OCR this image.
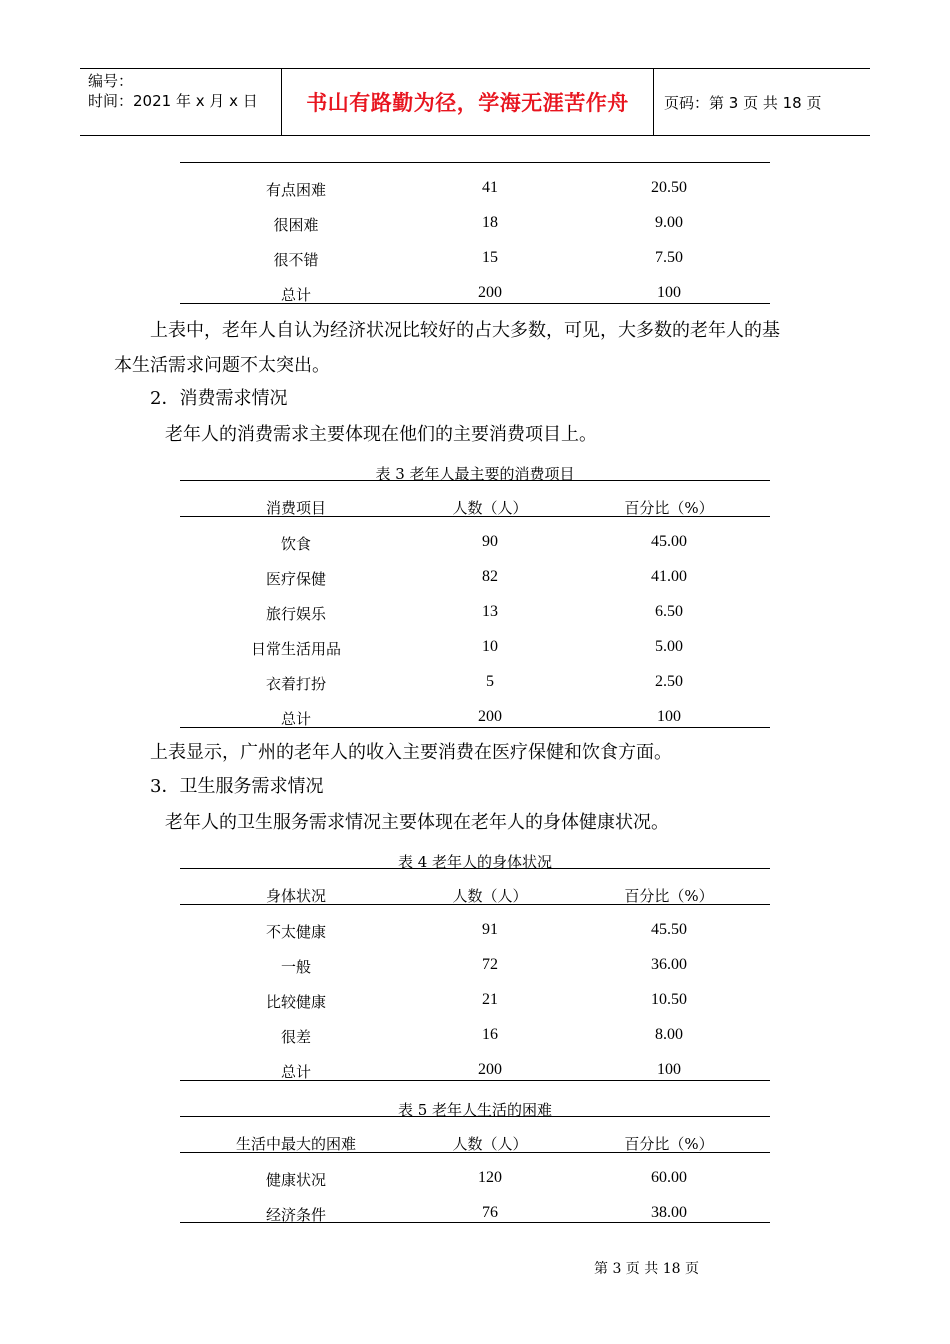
编号：
时间：2021 年 x 月 x 日	书山有路勤为径，学海无涯苦作舟 页码：第 3 页 共 18 页
有点困难	41	20.50
很困难	18	9.00
很不错	15	7.50
总计	200	100
上表中，老年人自认为经济状况比较好的占大多数，可见，大多数的老年人的基
本生活需求问题不太突出。
2．消费需求情况
老年人的消费需求主要体现在他们的主要消费项目上。
表 3 老年人最主要的消费项目
消费项目	人数（人）	百分比（%）
饮食	90	45.00
医疗保健	82	41.00
旅行娱乐	13	6.50
日常生活用品	10	5.00
衣着打扮	5	2.50
总计	200	100
上表显示，广州的老年人的收入主要消费在医疗保健和饮食方面。
3．卫生服务需求情况
老年人的卫生服务需求情况主要体现在老年人的身体健康状况。
表 4 老年人的身体状况
身体状况	人数（人）	百分比（%）
不太健康	91	45.50
一般	72	36.00
比较健康	21	10.50
很差	16	8.00
总计	200	100
表 5 老年人生活的困难
生活中最大的困难	人数（人）	百分比（%）
健康状况	120	60.00
经济条件	76	38.00
第 3 页 共 18 页
